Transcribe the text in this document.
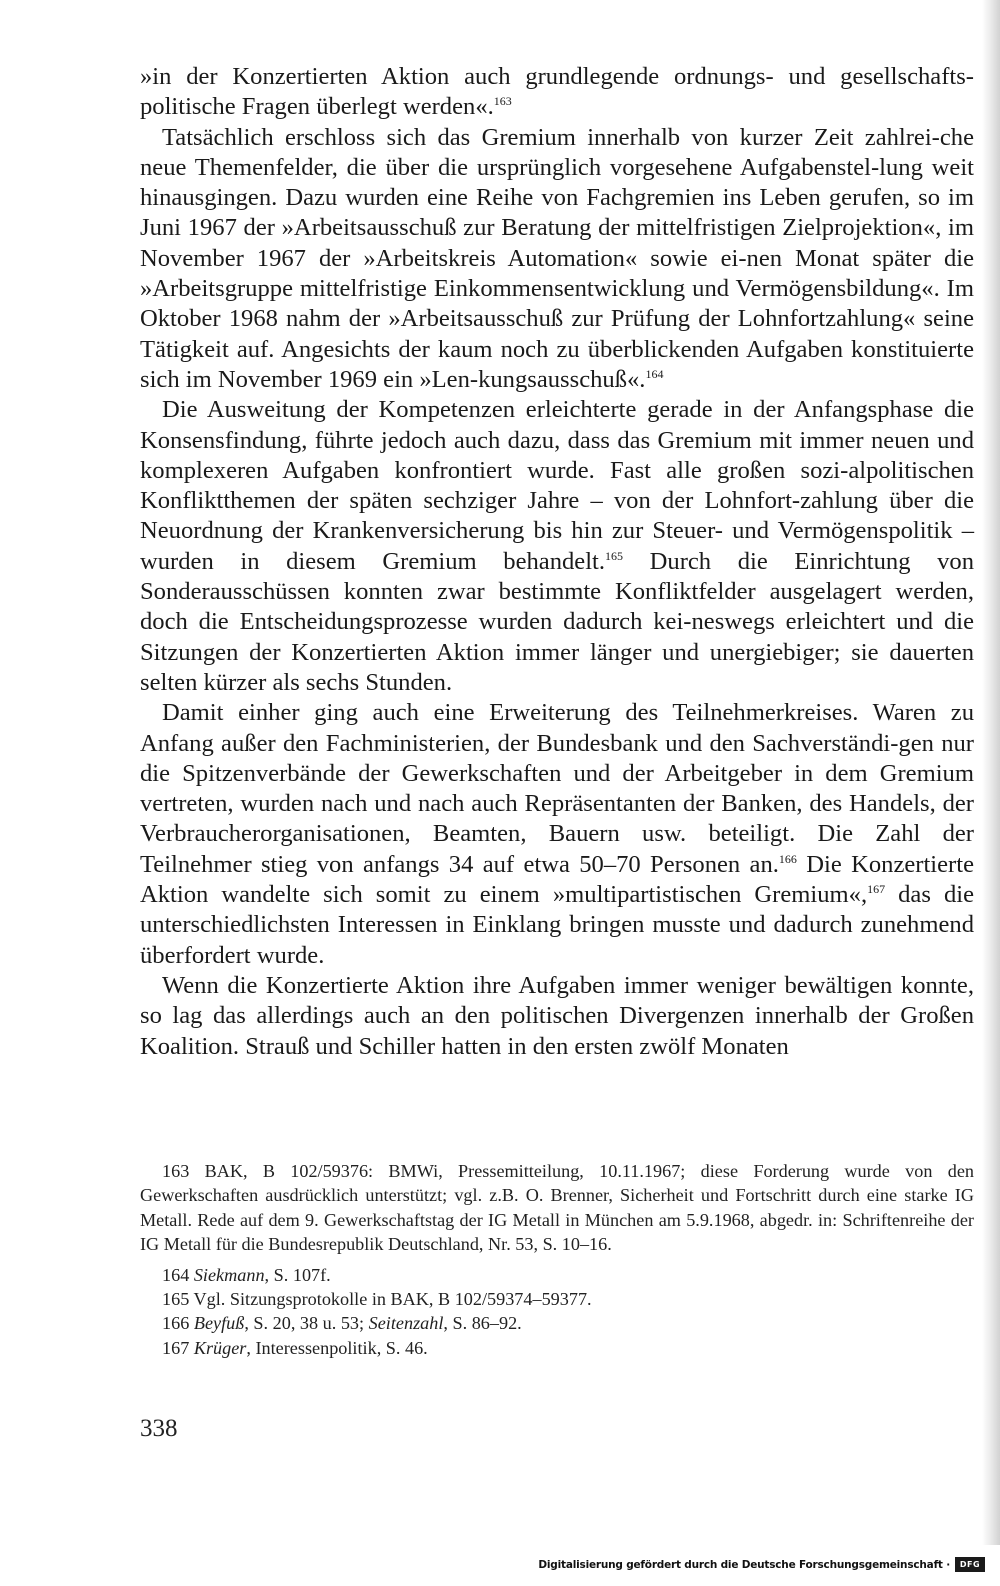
»in der Konzertierten Aktion auch grundlegende ordnungs- und gesellschafts-politische Fragen überlegt werden«.$^{163}$

Tatsächlich erschloss sich das Gremium innerhalb von kurzer Zeit zahlrei-che neue Themenfelder, die über die ursprünglich vorgesehene Aufgabenstel-lung weit hinausgingen. Dazu wurden eine Reihe von Fachgremien ins Leben gerufen, so im Juni 1967 der »Arbeitsausschuß zur Beratung der mittelfristigen Zielprojektion«, im November 1967 der »Arbeitskreis Automation« sowie ei-nen Monat später die »Arbeitsgruppe mittelfristige Einkommensentwicklung und Vermögensbildung«. Im Oktober 1968 nahm der »Arbeitsausschuß zur Prüfung der Lohnfortzahlung« seine Tätigkeit auf. Angesichts der kaum noch zu überblickenden Aufgaben konstituierte sich im November 1969 ein »Len-kungsausschuß«.$^{164}$

Die Ausweitung der Kompetenzen erleichterte gerade in der Anfangsphase die Konsensfindung, führte jedoch auch dazu, dass das Gremium mit immer neuen und komplexeren Aufgaben konfrontiert wurde. Fast alle großen sozi-alpolitischen Konfliktthemen der späten sechziger Jahre – von der Lohnfort-zahlung über die Neuordnung der Krankenversicherung bis hin zur Steuer- und Vermögenspolitik – wurden in diesem Gremium behandelt.$^{165}$ Durch die Einrichtung von Sonderausschüssen konnten zwar bestimmte Konfliktfelder ausgelagert werden, doch die Entscheidungsprozesse wurden dadurch kei-neswegs erleichtert und die Sitzungen der Konzertierten Aktion immer länger und unergiebiger; sie dauerten selten kürzer als sechs Stunden.

Damit einher ging auch eine Erweiterung des Teilnehmerkreises. Waren zu Anfang außer den Fachministerien, der Bundesbank und den Sachverständi-gen nur die Spitzenverbände der Gewerkschaften und der Arbeitgeber in dem Gremium vertreten, wurden nach und nach auch Repräsentanten der Banken, des Handels, der Verbraucherorganisationen, Beamten, Bauern usw. beteiligt. Die Zahl der Teilnehmer stieg von anfangs 34 auf etwa 50–70 Personen an.$^{166}$ Die Konzertierte Aktion wandelte sich somit zu einem »multipartistischen Gremium«,$^{167}$ das die unterschiedlichsten Interessen in Einklang bringen musste und dadurch zunehmend überfordert wurde.

Wenn die Konzertierte Aktion ihre Aufgaben immer weniger bewältigen konnte, so lag das allerdings auch an den politischen Divergenzen innerhalb der Großen Koalition. Strauß und Schiller hatten in den ersten zwölf Monaten

163 BAK, B 102/59376: BMWi, Pressemitteilung, 10.11.1967; diese Forderung wurde von den Gewerkschaften ausdrücklich unterstützt; vgl. z.B. O. Brenner, Sicherheit und Fortschritt durch eine starke IG Metall. Rede auf dem 9. Gewerkschaftstag der IG Metall in München am 5.9.1968, abgedr. in: Schriftenreihe der IG Metall für die Bundesrepublik Deutschland, Nr. 53, S. 10–16.

164 Siekmann, S. 107f.

165 Vgl. Sitzungsprotokolle in BAK, B 102/59374–59377.

166 Beyfuß, S. 20, 38 u. 53; Seitenzahl, S. 86–92.

167 Krüger, Interessenpolitik, S. 46.

338
Digitalisierung gefördert durch die Deutsche Forschungsgemeinschaft · DFG
